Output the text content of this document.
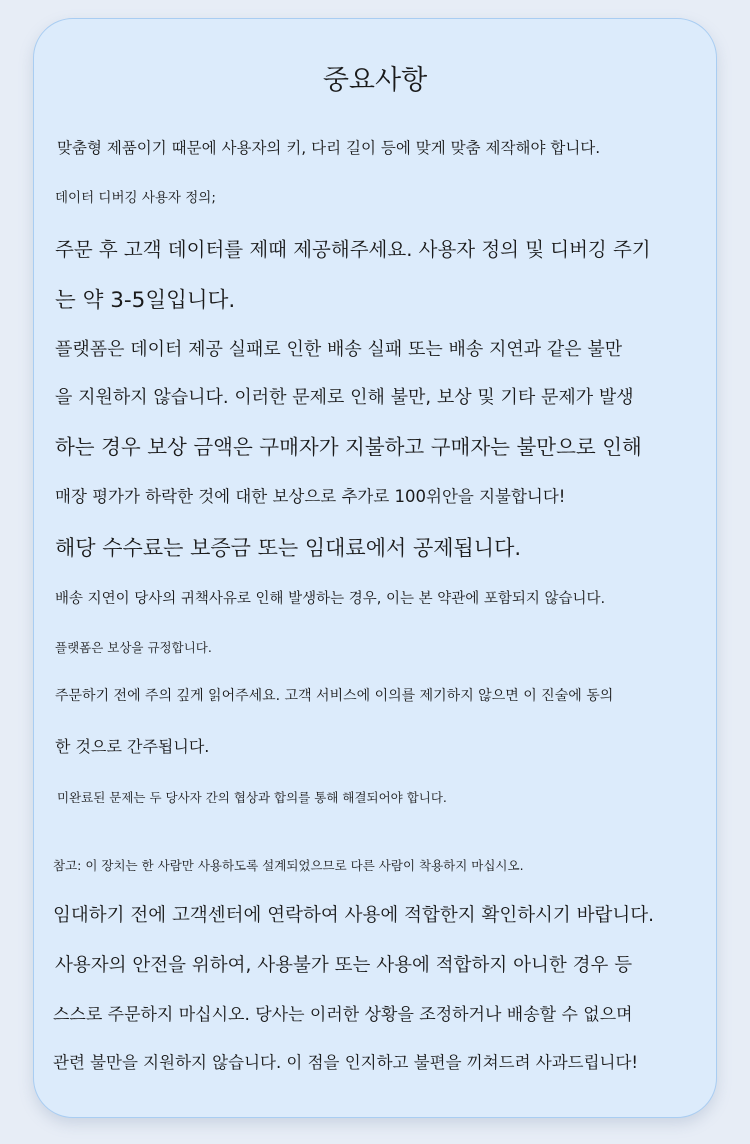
중요사항

맞춤형 제품이기 때문에 사용자의 키, 다리 길이 등에 맞게 맞춤 제작해야 합니다.

데이터 디버깅 사용자 정의;

주문 후 고객 데이터를 제때 제공해주세요. 사용자 정의 및 디버깅 주기

는 약 3-5일입니다.

플랫폼은 데이터 제공 실패로 인한 배송 실패 또는 배송 지연과 같은 불만

을 지원하지 않습니다. 이러한 문제로 인해 불만, 보상 및 기타 문제가 발생

하는 경우 보상 금액은 구매자가 지불하고 구매자는 불만으로 인해

매장 평가가 하락한 것에 대한 보상으로 추가로 100위안을 지불합니다!

해당 수수료는 보증금 또는 임대료에서 공제됩니다.

배송 지연이 당사의 귀책사유로 인해 발생하는 경우, 이는 본 약관에 포함되지 않습니다.

플랫폼은 보상을 규정합니다.

주문하기 전에 주의 깊게 읽어주세요. 고객 서비스에 이의를 제기하지 않으면 이 진술에 동의

한 것으로 간주됩니다.

미완료된 문제는 두 당사자 간의 협상과 합의를 통해 해결되어야 합니다.

참고: 이 장치는 한 사람만 사용하도록 설계되었으므로 다른 사람이 착용하지 마십시오.

임대하기 전에 고객센터에 연락하여 사용에 적합한지 확인하시기 바랍니다.

사용자의 안전을 위하여, 사용불가 또는 사용에 적합하지 아니한 경우 등

스스로 주문하지 마십시오. 당사는 이러한 상황을 조정하거나 배송할 수 없으며

관련 불만을 지원하지 않습니다. 이 점을 인지하고 불편을 끼쳐드려 사과드립니다!
